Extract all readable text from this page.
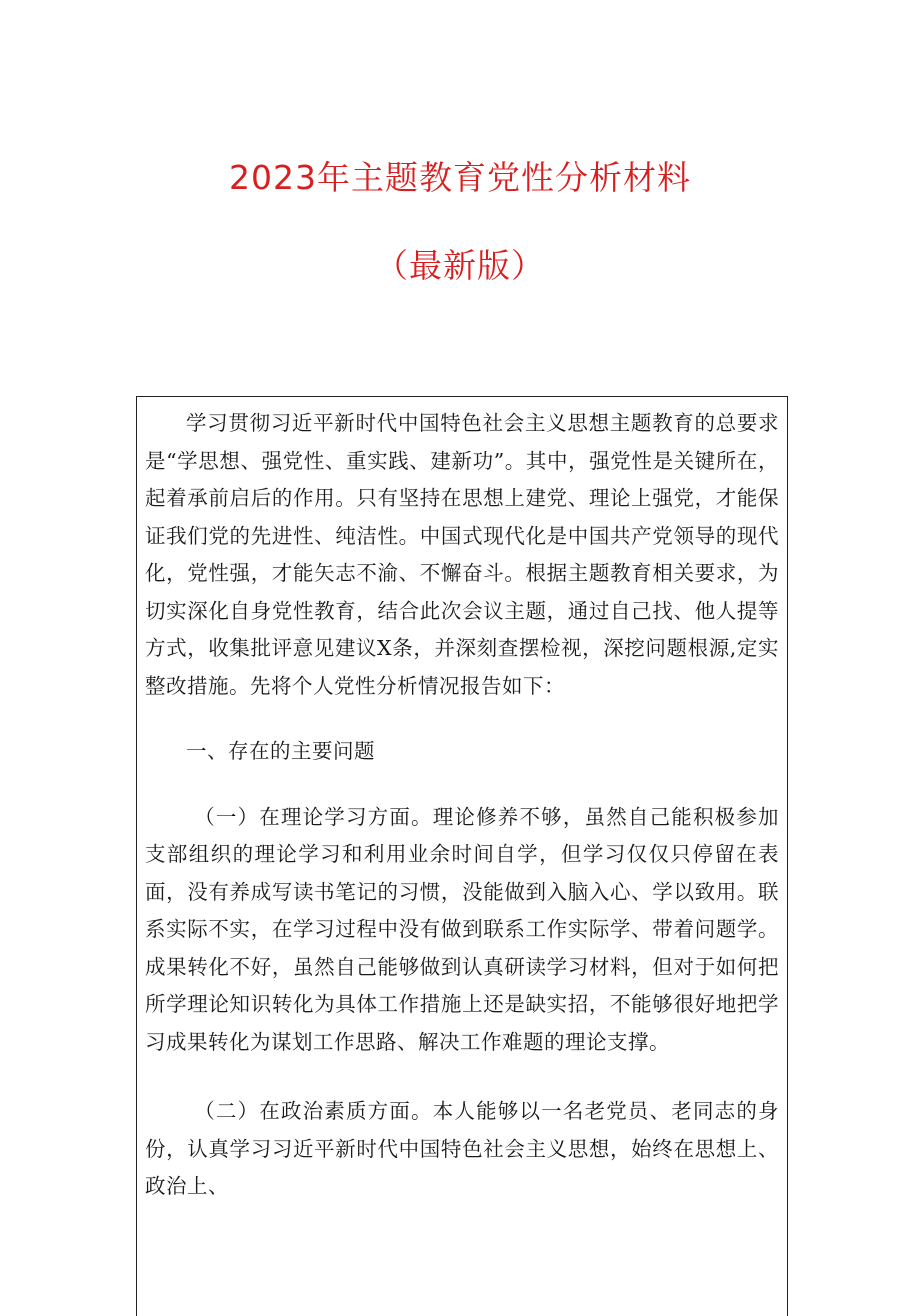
2023年主题教育党性分析材料
（最新版）

学习贯彻习近平新时代中国特色社会主义思想主题教育的总要求是“学思想、强党性、重实践、建新功”。其中，强党性是关键所在，起着承前启后的作用。只有坚持在思想上建党、理论上强党，才能保证我们党的先进性、纯洁性。中国式现代化是中国共产党领导的现代化，党性强，才能矢志不渝、不懈奋斗。根据主题教育相关要求，为切实深化自身党性教育，结合此次会议主题，通过自己找、他人提等方式，收集批评意见建议X条，并深刻查摆检视，深挖问题根源,定实整改措施。先将个人党性分析情况报告如下：

一、存在的主要问题

（一）在理论学习方面。理论修养不够，虽然自己能积极参加支部组织的理论学习和利用业余时间自学，但学习仅仅只停留在表面，没有养成写读书笔记的习惯，没能做到入脑入心、学以致用。联系实际不实，在学习过程中没有做到联系工作实际学、带着问题学。成果转化不好，虽然自己能够做到认真研读学习材料，但对于如何把所学理论知识转化为具体工作措施上还是缺实招，不能够很好地把学习成果转化为谋划工作思路、解决工作难题的理论支撑。

（二）在政治素质方面。本人能够以一名老党员、老同志的身份，认真学习习近平新时代中国特色社会主义思想，始终在思想上、政治上、
